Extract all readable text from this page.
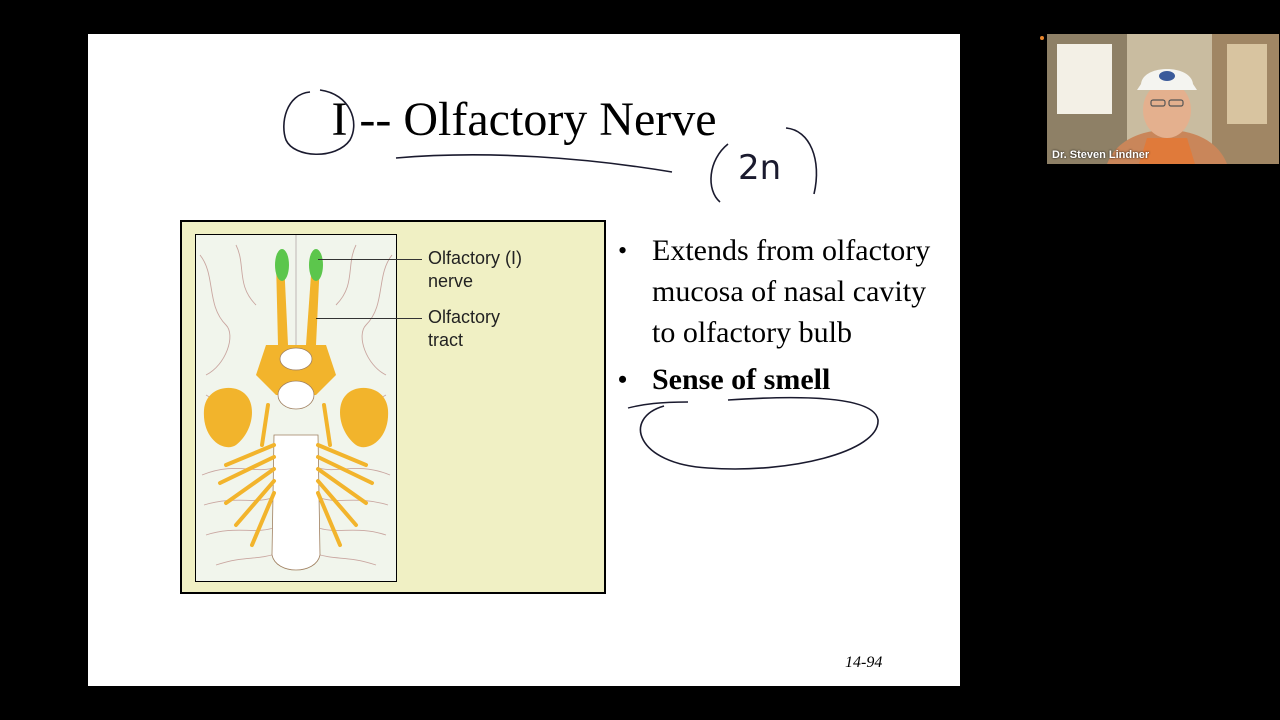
I -- Olfactory Nerve
2n
Olfactory (I)
nerve
Olfactory
tract
• Extends from olfactory mucosa of nasal cavity to olfactory bulb
• Sense of smell
14-94
Dr. Steven Lindner
